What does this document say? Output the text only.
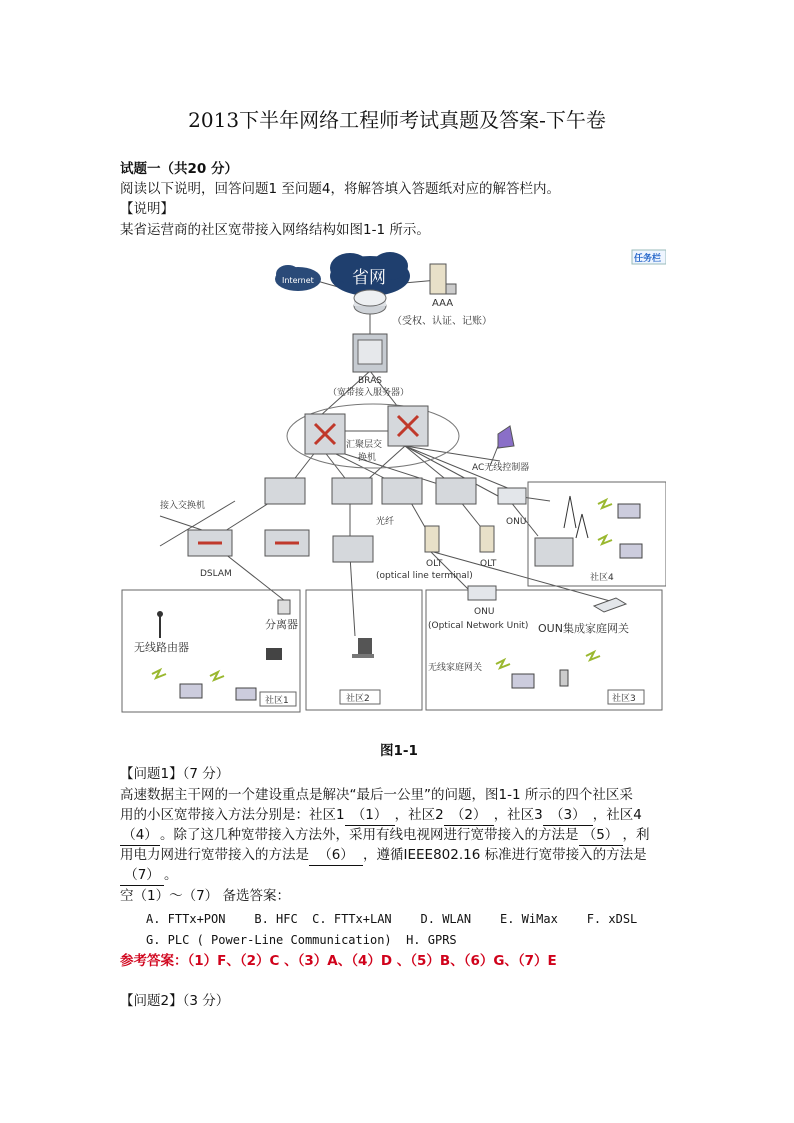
2013下半年网络工程师考试真题及答案-下午卷
试题一（共20 分）
阅读以下说明，回答问题1 至问题4，将解答填入答题纸对应的解答栏内。
【说明】
某省运营商的社区宽带接入网络结构如图1-1 所示。
任务栏
Internet 省网
AAA
（受权、认证、记账）
BRAS
（宽带接入服务器）
汇聚层交
换机
AC无线控制器
接入交换机
ONU
DSLAM
光纤
OLT	OLT
(optical line terminal)	社区4
无线路由器
分离器
社区1	社区2
ONU
(Optical Network Unit) OUN集成家庭网关
无线家庭网关
社区3
图1-1
【问题1】（7 分）
高速数据主干网的一个建设重点是解决“最后一公里”的问题，图1-1 所示的四个社区采
用的小区宽带接入方法分别是：社区1 （1） ，社区2 （2） ，社区3 （3） ，社区4
（4） 。除了这几种宽带接入方法外，采用有线电视网进行宽带接入的方法是 （5） ，利
用电力网进行宽带接入的方法是 （6） ，遵循IEEE802.16 标准进行宽带接入的方法是
（7） 。
空（1）～（7） 备选答案：
A. FTTx+PON    B. HFC  C. FTTx+LAN    D. WLAN    E. WiMax    F. xDSL
G. PLC ( Power-Line Communication)  H. GPRS
参考答案：（1）F、（2）C 、（3）A、（4）D 、（5）B、（6）G、（7）E
【问题2】（3 分）
